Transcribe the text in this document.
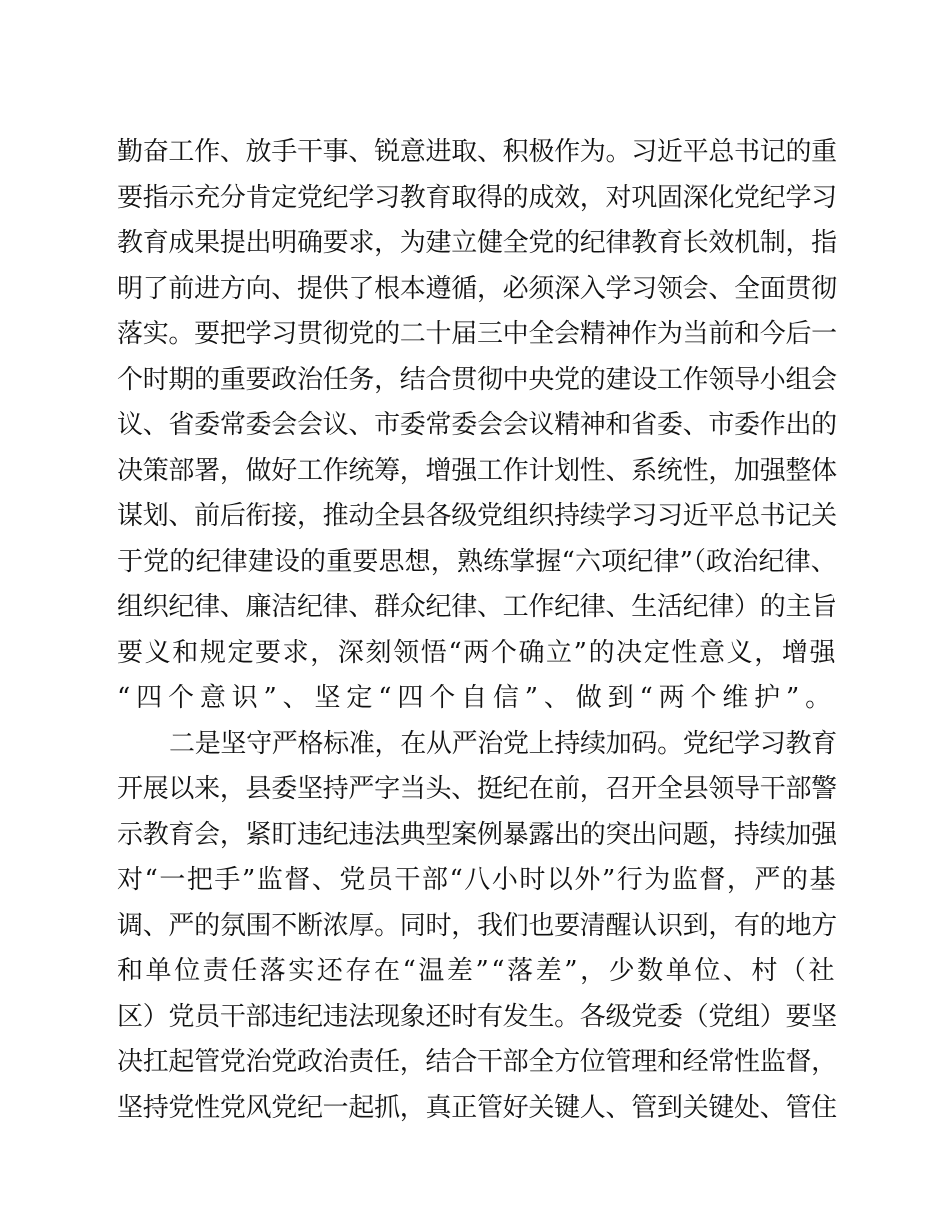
勤奋工作、放手干事、锐意进取、积极作为。习近平总书记的重
要指示充分肯定党纪学习教育取得的成效，对巩固深化党纪学习
教育成果提出明确要求，为建立健全党的纪律教育长效机制，指
明了前进方向、提供了根本遵循，必须深入学习领会、全面贯彻
落实。要把学习贯彻党的二十届三中全会精神作为当前和今后一
个时期的重要政治任务，结合贯彻中央党的建设工作领导小组会
议、省委常委会会议、市委常委会会议精神和省委、市委作出的
决策部署，做好工作统筹，增强工作计划性、系统性，加强整体
谋划、前后衔接，推动全县各级党组织持续学习习近平总书记关
于党的纪律建设的重要思想，熟练掌握“六项纪律”（政治纪律、
组织纪律、廉洁纪律、群众纪律、工作纪律、生活纪律）的主旨
要义和规定要求，深刻领悟“两个确立”的决定性意义，增强
“四个意识”、坚定“四个自信”、做到“两个维护”。
二是坚守严格标准，在从严治党上持续加码。党纪学习教育
开展以来，县委坚持严字当头、挺纪在前，召开全县领导干部警
示教育会，紧盯违纪违法典型案例暴露出的突出问题，持续加强
对“一把手”监督、党员干部“八小时以外”行为监督，严的基
调、严的氛围不断浓厚。同时，我们也要清醒认识到，有的地方
和单位责任落实还存在“温差”“落差”，少数单位、村（社
区）党员干部违纪违法现象还时有发生。各级党委（党组）要坚
决扛起管党治党政治责任，结合干部全方位管理和经常性监督，
坚持党性党风党纪一起抓，真正管好关键人、管到关键处、管住
